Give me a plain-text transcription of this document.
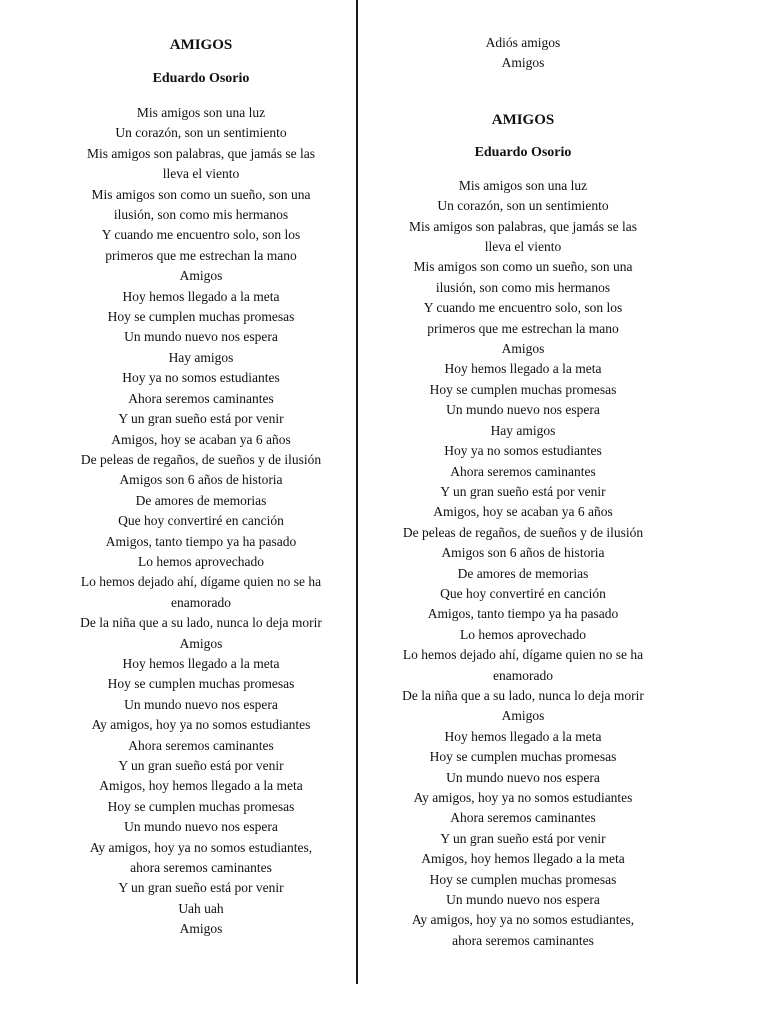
AMIGOS
Eduardo Osorio
Mis amigos son una luz
Un corazón, son un sentimiento
Mis amigos son palabras, que jamás se las
lleva el viento
Mis amigos son como un sueño, son una
ilusión, son como mis hermanos
Y cuando me encuentro solo, son los
primeros que me estrechan la mano
Amigos
Hoy hemos llegado a la meta
Hoy se cumplen muchas promesas
Un mundo nuevo nos espera
Hay amigos
Hoy ya no somos estudiantes
Ahora seremos caminantes
Y un gran sueño está por venir
Amigos, hoy se acaban ya 6 años
De peleas de regaños, de sueños y de ilusión
Amigos son 6 años de historia
De amores de memorias
Que hoy convertiré en canción
Amigos, tanto tiempo ya ha pasado
Lo hemos aprovechado
Lo hemos dejado ahí, dígame quien no se ha
enamorado
De la niña que a su lado, nunca lo deja morir
Amigos
Hoy hemos llegado a la meta
Hoy se cumplen muchas promesas
Un mundo nuevo nos espera
Ay amigos, hoy ya no somos estudiantes
Ahora seremos caminantes
Y un gran sueño está por venir
Amigos, hoy hemos llegado a la meta
Hoy se cumplen muchas promesas
Un mundo nuevo nos espera
Ay amigos, hoy ya no somos estudiantes,
ahora seremos caminantes
Y un gran sueño está por venir
Uah uah
Amigos
Adiós amigos
Amigos
AMIGOS
Eduardo Osorio
Mis amigos son una luz
Un corazón, son un sentimiento
Mis amigos son palabras, que jamás se las
lleva el viento
Mis amigos son como un sueño, son una
ilusión, son como mis hermanos
Y cuando me encuentro solo, son los
primeros que me estrechan la mano
Amigos
Hoy hemos llegado a la meta
Hoy se cumplen muchas promesas
Un mundo nuevo nos espera
Hay amigos
Hoy ya no somos estudiantes
Ahora seremos caminantes
Y un gran sueño está por venir
Amigos, hoy se acaban ya 6 años
De peleas de regaños, de sueños y de ilusión
Amigos son 6 años de historia
De amores de memorias
Que hoy convertiré en canción
Amigos, tanto tiempo ya ha pasado
Lo hemos aprovechado
Lo hemos dejado ahí, dígame quien no se ha
enamorado
De la niña que a su lado, nunca lo deja morir
Amigos
Hoy hemos llegado a la meta
Hoy se cumplen muchas promesas
Un mundo nuevo nos espera
Ay amigos, hoy ya no somos estudiantes
Ahora seremos caminantes
Y un gran sueño está por venir
Amigos, hoy hemos llegado a la meta
Hoy se cumplen muchas promesas
Un mundo nuevo nos espera
Ay amigos, hoy ya no somos estudiantes,
ahora seremos caminantes
